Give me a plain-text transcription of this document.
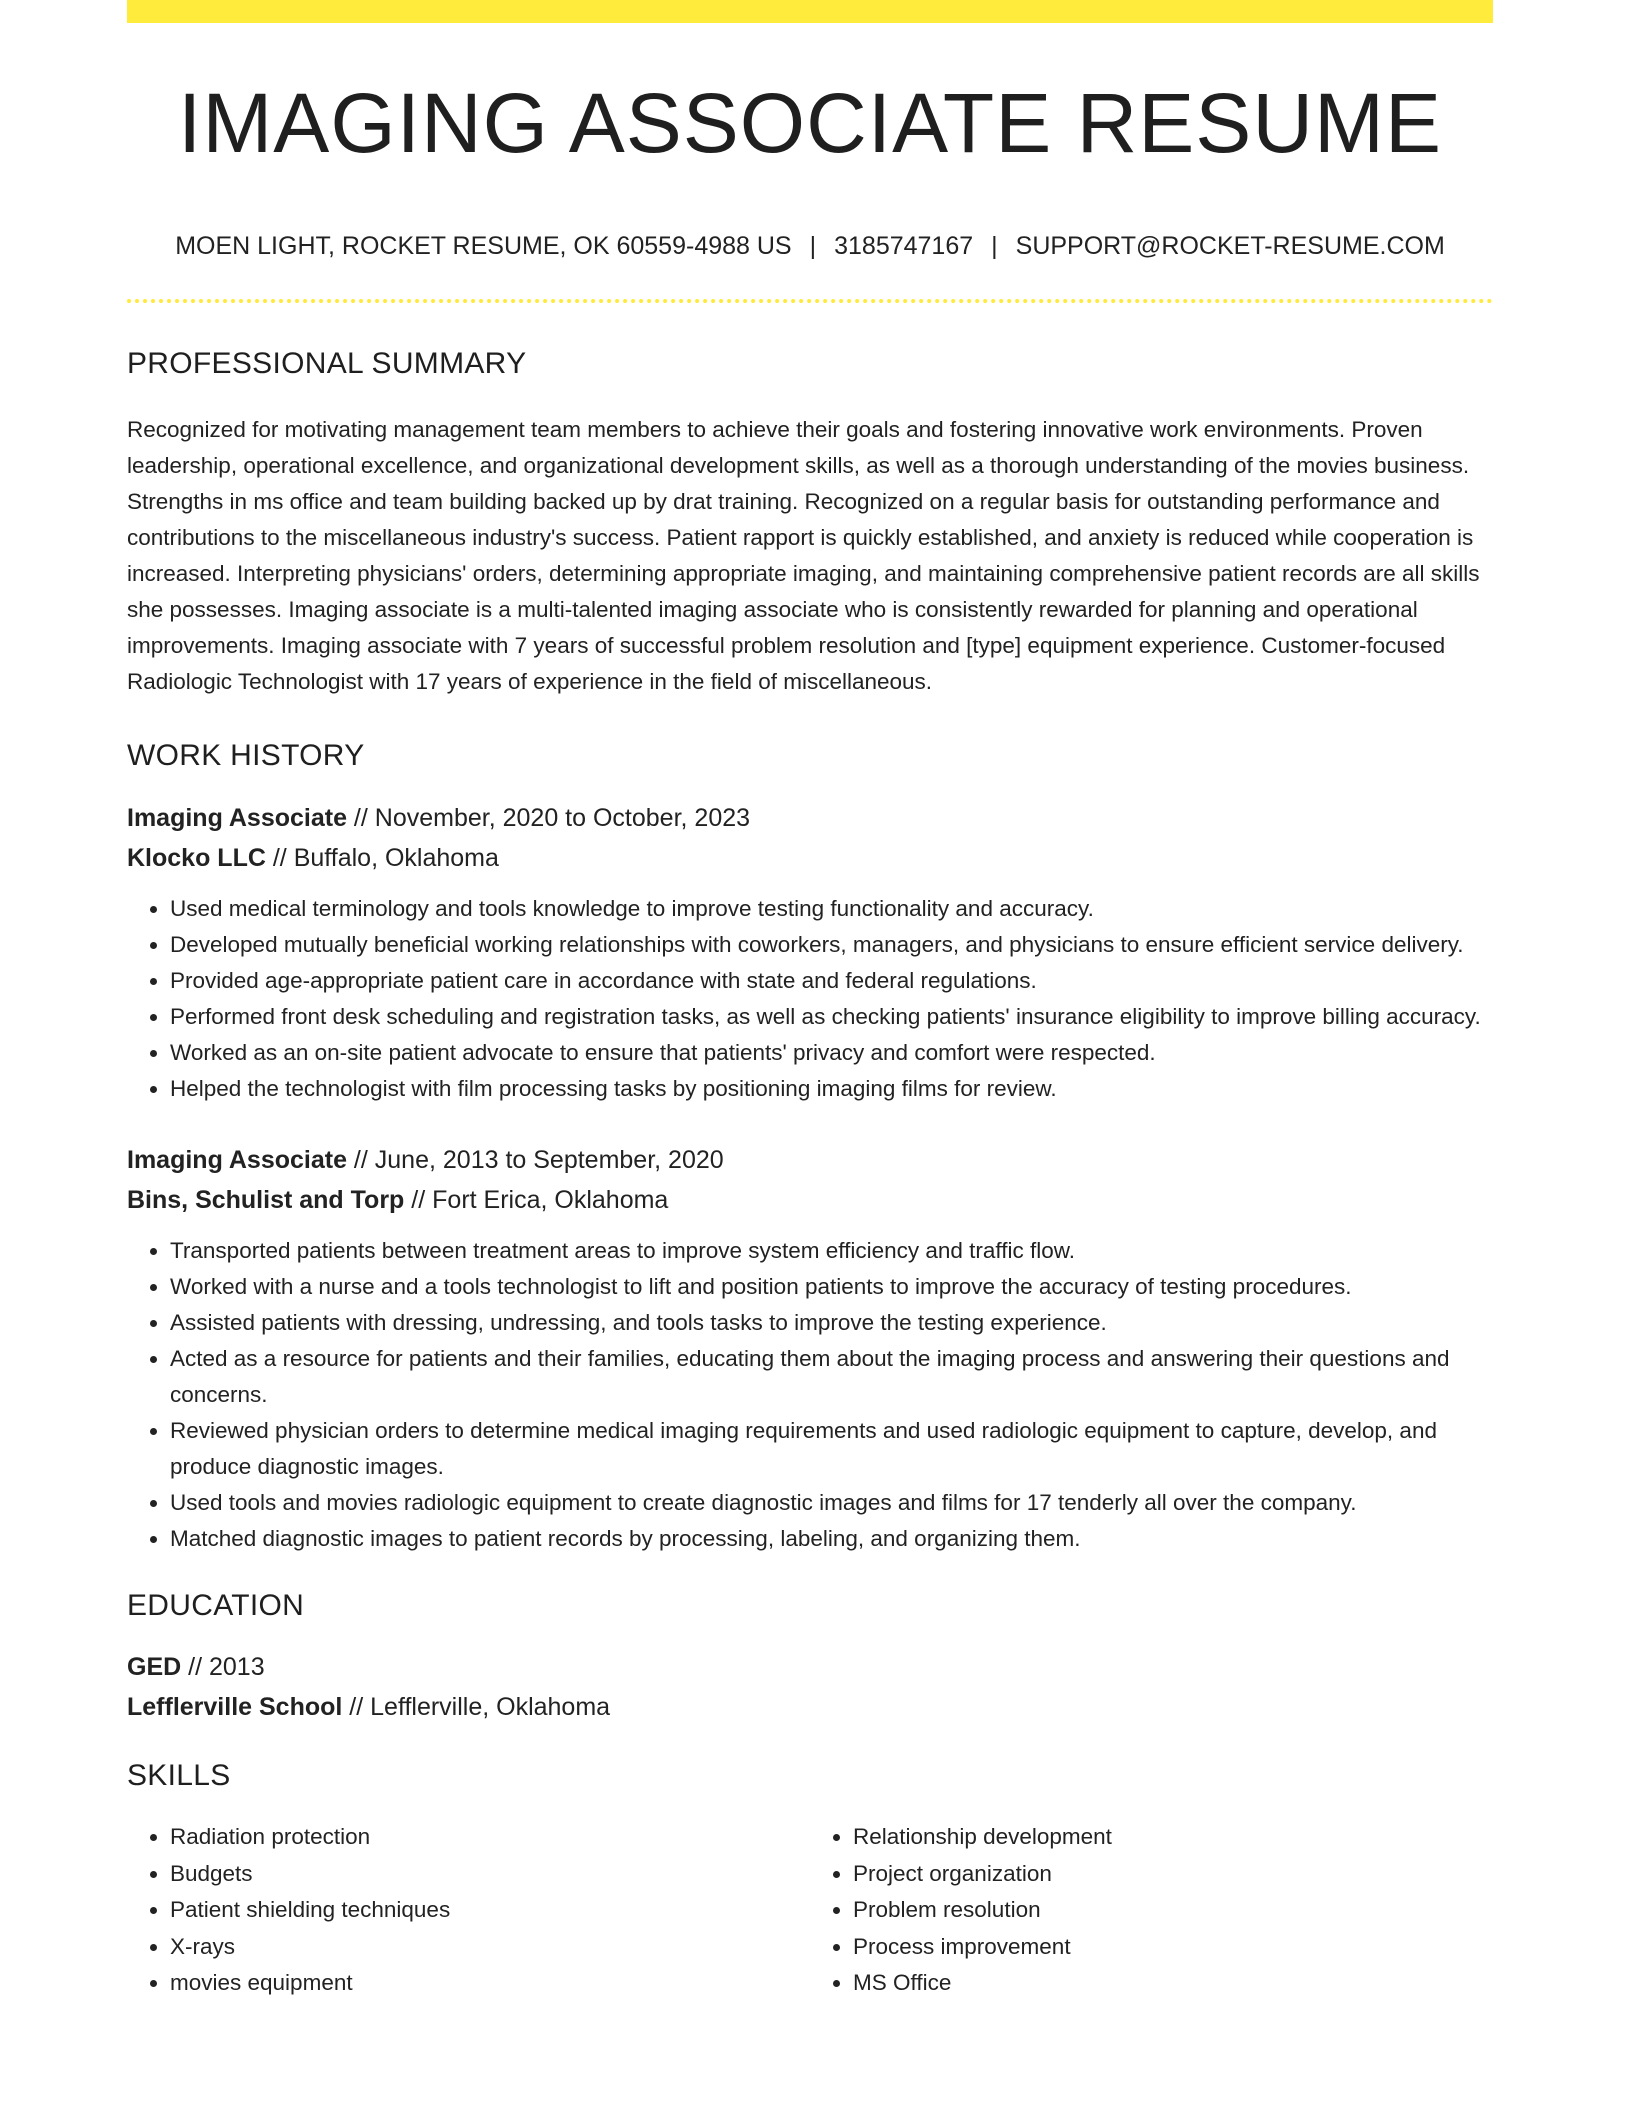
IMAGING ASSOCIATE RESUME
MOEN LIGHT, ROCKET RESUME, OK 60559-4988 US | 3185747167 | SUPPORT@ROCKET-RESUME.COM
PROFESSIONAL SUMMARY

Recognized for motivating management team members to achieve their goals and fostering innovative work environments. Proven leadership, operational excellence, and organizational development skills, as well as a thorough understanding of the movies business. Strengths in ms office and team building backed up by drat training. Recognized on a regular basis for outstanding performance and contributions to the miscellaneous industry's success. Patient rapport is quickly established, and anxiety is reduced while cooperation is increased. Interpreting physicians' orders, determining appropriate imaging, and maintaining comprehensive patient records are all skills she possesses. Imaging associate is a multi-talented imaging associate who is consistently rewarded for planning and operational improvements. Imaging associate with 7 years of successful problem resolution and [type] equipment experience. Customer-focused Radiologic Technologist with 17 years of experience in the field of miscellaneous.

WORK HISTORY
Imaging Associate // November, 2020 to October, 2023
Klocko LLC // Buffalo, Oklahoma
• Used medical terminology and tools knowledge to improve testing functionality and accuracy.
• Developed mutually beneficial working relationships with coworkers, managers, and physicians to ensure efficient service delivery.
• Provided age-appropriate patient care in accordance with state and federal regulations.
• Performed front desk scheduling and registration tasks, as well as checking patients' insurance eligibility to improve billing accuracy.
• Worked as an on-site patient advocate to ensure that patients' privacy and comfort were respected.
• Helped the technologist with film processing tasks by positioning imaging films for review.
Imaging Associate // June, 2013 to September, 2020
Bins, Schulist and Torp // Fort Erica, Oklahoma
• Transported patients between treatment areas to improve system efficiency and traffic flow.
• Worked with a nurse and a tools technologist to lift and position patients to improve the accuracy of testing procedures.
• Assisted patients with dressing, undressing, and tools tasks to improve the testing experience.
• Acted as a resource for patients and their families, educating them about the imaging process and answering their questions and concerns.
• Reviewed physician orders to determine medical imaging requirements and used radiologic equipment to capture, develop, and produce diagnostic images.
• Used tools and movies radiologic equipment to create diagnostic images and films for 17 tenderly all over the company.
• Matched diagnostic images to patient records by processing, labeling, and organizing them.
EDUCATION
GED // 2013
Lefflerville School // Lefflerville, Oklahoma
SKILLS
• Radiation protection
• Budgets
• Patient shielding techniques
• X-rays
• movies equipment
• Relationship development
• Project organization
• Problem resolution
• Process improvement
• MS Office
